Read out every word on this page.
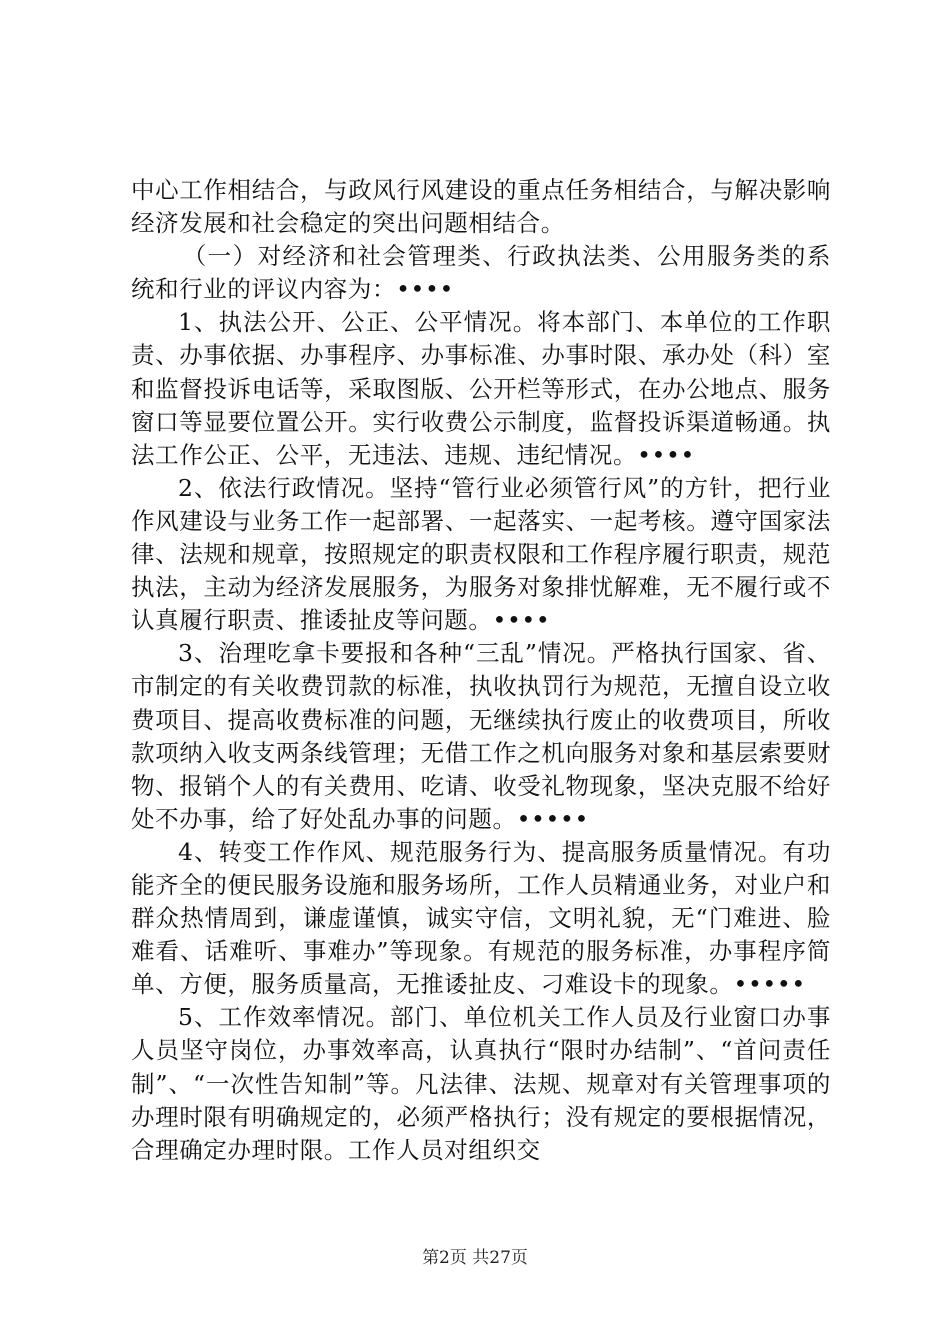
中心工作相结合，与政风行风建设的重点任务相结合，与解决影响经济发展和社会稳定的突出问题相结合。

（一）对经济和社会管理类、行政执法类、公用服务类的系统和行业的评议内容为：••••

1、执法公开、公正、公平情况。将本部门、本单位的工作职责、办事依据、办事程序、办事标准、办事时限、承办处（科）室和监督投诉电话等，采取图版、公开栏等形式，在办公地点、服务窗口等显要位置公开。实行收费公示制度，监督投诉渠道畅通。执法工作公正、公平，无违法、违规、违纪情况。••••

2、依法行政情况。坚持“管行业必须管行风”的方针，把行业作风建设与业务工作一起部署、一起落实、一起考核。遵守国家法律、法规和规章，按照规定的职责权限和工作程序履行职责，规范执法，主动为经济发展服务，为服务对象排忧解难，无不履行或不认真履行职责、推诿扯皮等问题。••••

3、治理吃拿卡要报和各种“三乱”情况。严格执行国家、省、市制定的有关收费罚款的标准，执收执罚行为规范，无擅自设立收费项目、提高收费标准的问题，无继续执行废止的收费项目，所收款项纳入收支两条线管理；无借工作之机向服务对象和基层索要财物、报销个人的有关费用、吃请、收受礼物现象，坚决克服不给好处不办事，给了好处乱办事的问题。•••••

4、转变工作作风、规范服务行为、提高服务质量情况。有功能齐全的便民服务设施和服务场所，工作人员精通业务，对业户和群众热情周到，谦虚谨慎，诚实守信，文明礼貌，无“门难进、脸难看、话难听、事难办”等现象。有规范的服务标准，办事程序简单、方便，服务质量高，无推诿扯皮、刁难设卡的现象。•••••

5、工作效率情况。部门、单位机关工作人员及行业窗口办事人员坚守岗位，办事效率高，认真执行“限时办结制”、“首问责任制”、“一次性告知制”等。凡法律、法规、规章对有关管理事项的办理时限有明确规定的，必须严格执行；没有规定的要根据情况，合理确定办理时限。工作人员对组织交

第2页 共27页
